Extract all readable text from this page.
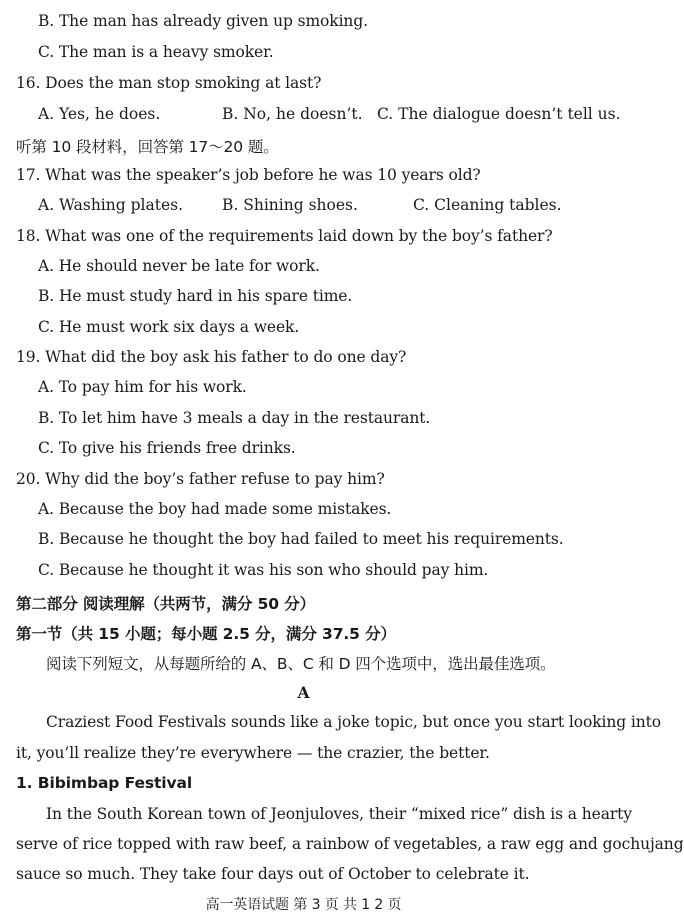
B. The man has already given up smoking.
C. The man is a heavy smoker.
16. Does the man stop smoking at last?
A. Yes, he does.	B. No, he doesn’t. C. The dialogue doesn’t tell us.
听第 10 段材料，回答第 17～20 题。
17. What was the speaker’s job before he was 10 years old?
A. Washing plates.	B. Shining shoes.	C. Cleaning tables.
18. What was one of the requirements laid down by the boy’s father?
A. He should never be late for work.
B. He must study hard in his spare time.
C. He must work six days a week.
19. What did the boy ask his father to do one day?
A. To pay him for his work.
B. To let him have 3 meals a day in the restaurant.
C. To give his friends free drinks.
20. Why did the boy’s father refuse to pay him?
A. Because the boy had made some mistakes.
B. Because he thought the boy had failed to meet his requirements.
C. Because he thought it was his son who should pay him.
第二部分 阅读理解（共两节，满分 50 分）
第一节（共 15 小题；每小题 2.5 分，满分 37.5 分）
阅读下列短文，从每题所给的 A、B、C 和 D 四个选项中，选出最佳选项。
A
Craziest Food Festivals sounds like a joke topic, but once you start looking into
it, you’ll realize they’re everywhere — the crazier, the better.
1. Bibimbap Festival
In the South Korean town of Jeonjuloves, their “mixed rice” dish is a hearty
serve of rice topped with raw beef, a rainbow of vegetables, a raw egg and gochujang
sauce so much. They take four days out of October to celebrate it.
高一英语试题 第 3 页 共 1 2 页
